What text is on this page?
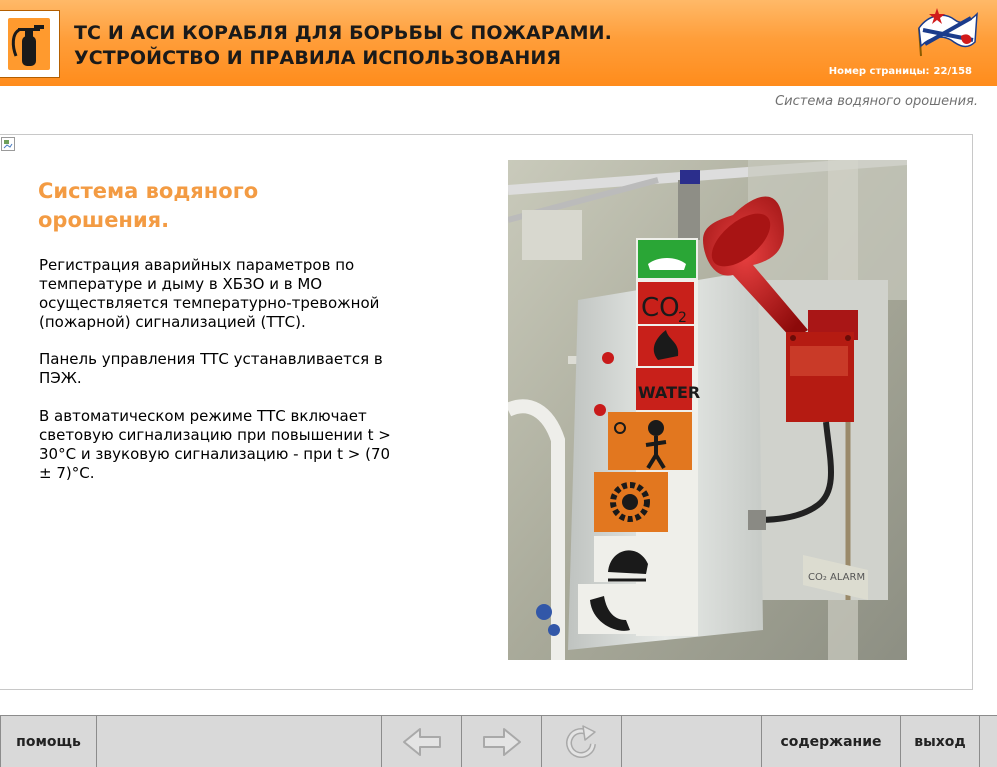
ТС И АСИ КОРАБЛЯ ДЛЯ БОРЬБЫ С ПОЖАРАМИ.
УСТРОЙСТВО И ПРАВИЛА ИСПОЛЬЗОВАНИЯ
Номер страницы: 22/158
Система водяного орошения.
Система водяного орошения.

Регистрация аварийных параметров по температуре и дыму в ХБЗО и в МО осуществляется температурно-тревожной (пожарной) сигнализацией (ТТС).

Панель управления ТТС устанавливается в ПЭЖ.

В автоматическом режиме ТТС включает световую сигнализацию при повышении t > 30°C и звуковую сигнализацию - при t > (70 ± 7)°C.

CO
2
WATER
CO₂ ALARM
помощь	содержание	выход
